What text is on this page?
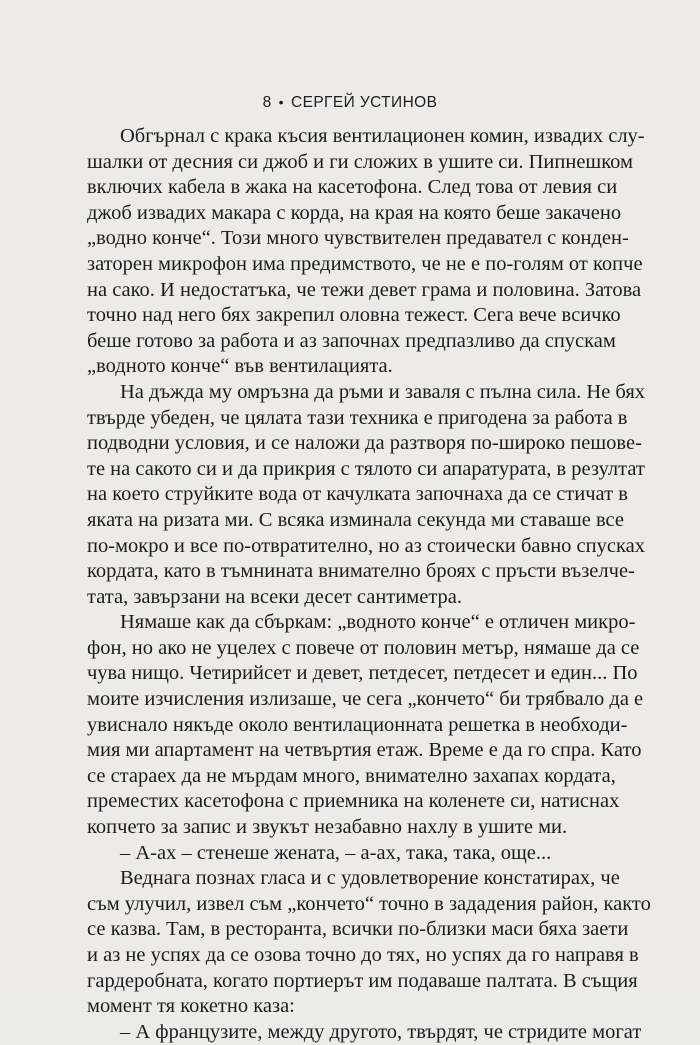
8 • СЕРГЕЙ УСТИНОВ
Обгърнал с крака късия вентилационен комин, извадих слу-
шалки от десния си джоб и ги сложих в ушите си. Пипнешком
включих кабела в жака на касетофона. След това от левия си
джоб извадих макара с корда, на края на която беше закачено
„водно конче“. Този много чувствителен предавател с конден-
заторен микрофон има предимството, че не е по-голям от копче
на сако. И недостатъка, че тежи девет грама и половина. Затова
точно над него бях закрепил оловна тежест. Сега вече всичко
беше готово за работа и аз започнах предпазливо да спускам
„водното конче“ във вентилацията.
На дъжда му омръзна да ръми и заваля с пълна сила. Не бях
твърде убеден, че цялата тази техника е пригодена за работа в
подводни условия, и се наложи да разтворя по-широко пешове-
те на сакото си и да прикрия с тялото си апаратурата, в резултат
на което струйките вода от качулката започнаха да се стичат в
яката на ризата ми. С всяка изминала секунда ми ставаше все
по-мокро и все по-отвратително, но аз стоически бавно спусках
кордата, като в тъмнината внимателно броях с пръсти възелче-
тата, завързани на всеки десет сантиметра.
Нямаше как да сбъркам: „водното конче“ е отличен микро-
фон, но ако не уцелех с повече от половин метър, нямаше да се
чува нищо. Четирийсет и девет, петдесет, петдесет и един... По
моите изчисления излизаше, че сега „кончето“ би трябвало да е
увиснало някъде около вентилационната решетка в необходи-
мия ми апартамент на четвъртия етаж. Време е да го спра. Като
се стараех да не мърдам много, внимателно захапах кордата,
преместих касетофона с приемника на коленете си, натиснах
копчето за запис и звукът незабавно нахлу в ушите ми.
– А-ах – стенеше жената, – а-ах, така, така, още...
Веднага познах гласа и с удовлетворение констатирах, че
съм улучил, извел съм „кончето“ точно в зададения район, както
се казва. Там, в ресторанта, всички по-близки маси бяха заети
и аз не успях да се озова точно до тях, но успях да го направя в
гардеробната, когато портиерът им подаваше палтата. В същия
момент тя кокетно каза:
– А французите, между другото, твърдят, че стридите могат
